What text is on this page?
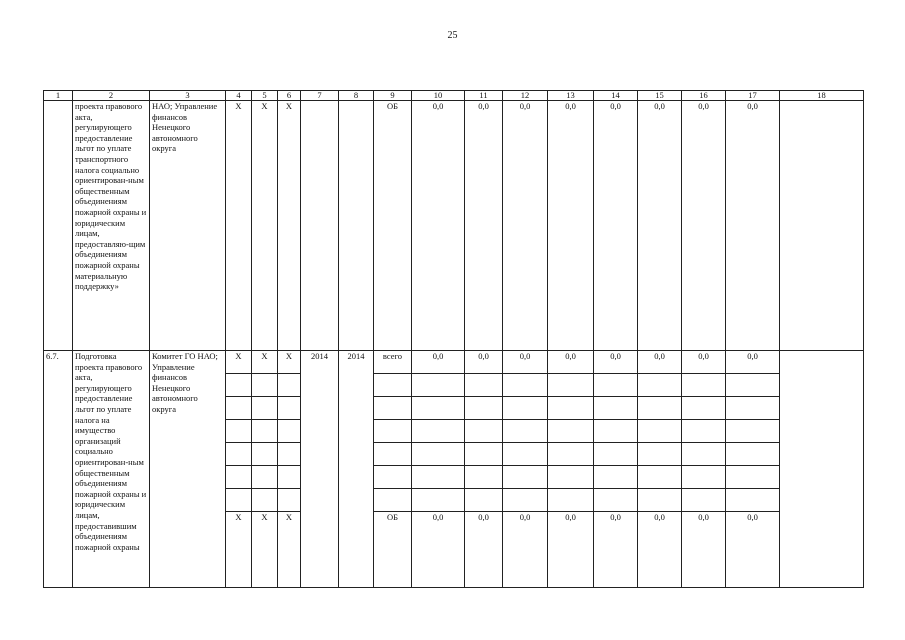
25
1	2	3	4	5	6	7	8	9	10	11	12	13	14	15	16	17	18
	проекта правового акта, регулирующего предоставление льгот по уплате транспортного налога социально ориентирован-ным общественным объединениям пожарной охраны и юридическим лицам, предоставляю-щим объединениям пожарной охраны материальную поддержку»	НАО; Управление финансов Ненецкого автономного округа	Х	Х	Х			ОБ	0,0	0,0	0,0	0,0	0,0	0,0	0,0	0,0	
6.7.	Подготовка проекта правового акта, регулирующего предоставление льгот по уплате налога на имущество организаций социально ориентирован-ным общественным объединениям пожарной охраны и юридическим лицам, предоставившим объединениям пожарной охраны	Комитет ГО НАО; Управление финансов Ненецкого автономного округа	Х	Х	Х	2014	2014	всего	0,0	0,0	0,0	0,0	0,0	0,0	0,0	0,0	

			Х	Х	Х			ОБ	0,0	0,0	0,0	0,0	0,0	0,0	0,0	0,0	
